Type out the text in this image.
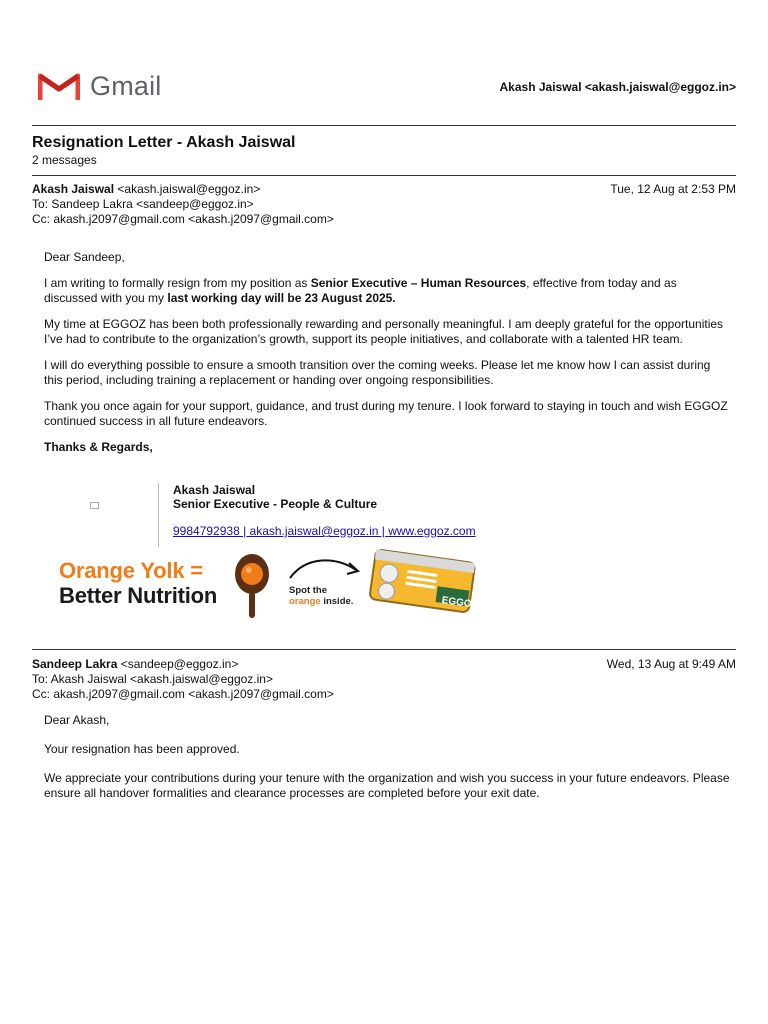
Gmail	Akash Jaiswal <akash.jaiswal@eggoz.in>
Resignation Letter - Akash Jaiswal
2 messages
Akash Jaiswal <akash.jaiswal@eggoz.in>	Tue, 12 Aug at 2:53 PM
To: Sandeep Lakra <sandeep@eggoz.in>
Cc: akash.j2097@gmail.com <akash.j2097@gmail.com>

Dear Sandeep,

I am writing to formally resign from my position as Senior Executive – Human Resources, effective from today and as discussed with you my last working day will be 23 August 2025.

My time at EGGOZ has been both professionally rewarding and personally meaningful. I am deeply grateful for the opportunities I’ve had to contribute to the organization’s growth, support its people initiatives, and collaborate with a talented HR team.

I will do everything possible to ensure a smooth transition over the coming weeks. Please let me know how I can assist during this period, including training a replacement or handing over ongoing responsibilities.

Thank you once again for your support, guidance, and trust during my tenure. I look forward to staying in touch and wish EGGOZ continued success in all future endeavors.

Thanks & Regards,

Akash Jaiswal
Senior Executive - People & Culture
9984792938 | akash.jaiswal@eggoz.in | www.eggoz.com
Orange Yolk =
Better Nutrition	Spot the
orange inside.	EGGOZ
Sandeep Lakra <sandeep@eggoz.in>	Wed, 13 Aug at 9:49 AM
To: Akash Jaiswal <akash.jaiswal@eggoz.in>
Cc: akash.j2097@gmail.com <akash.j2097@gmail.com>

Dear Akash,

Your resignation has been approved.

We appreciate your contributions during your tenure with the organization and wish you success in your future endeavors. Please ensure all handover formalities and clearance processes are completed before your exit date.
